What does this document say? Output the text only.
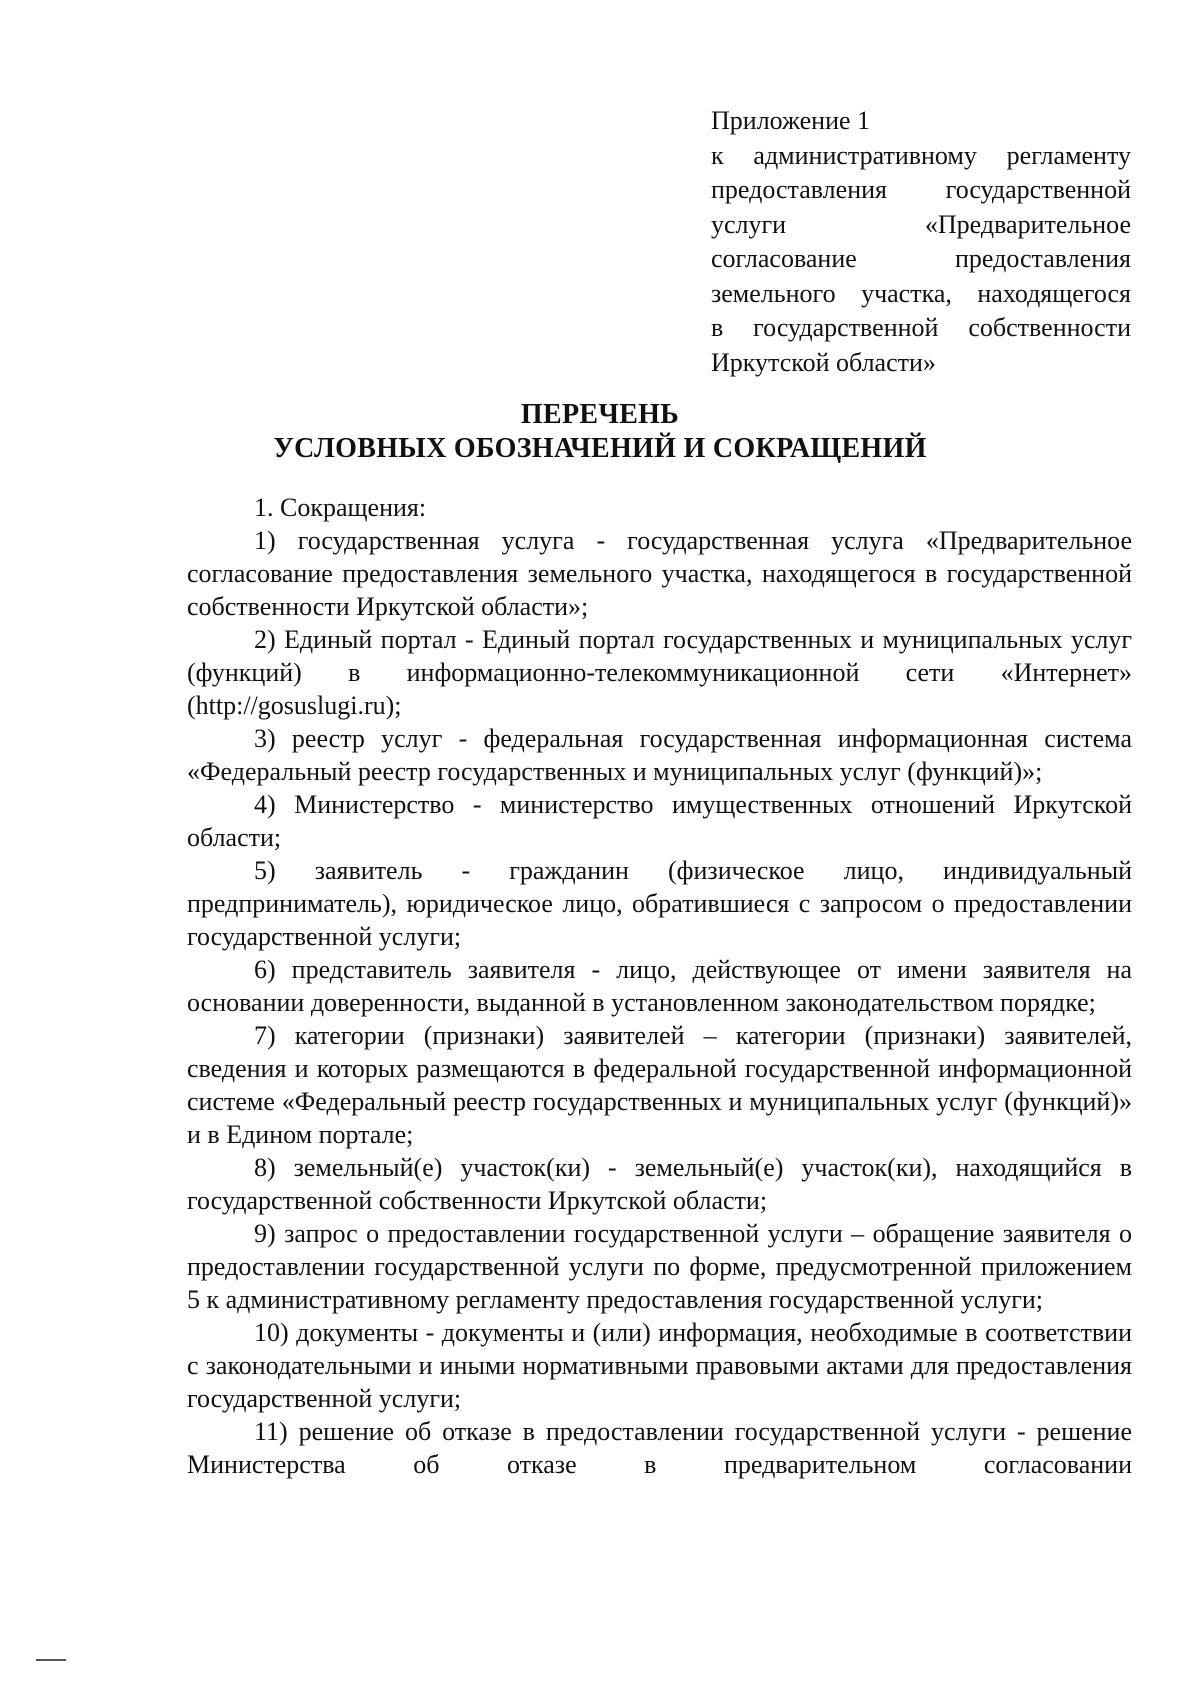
Приложение 1
к административному регламенту
предоставления государственной
услуги «Предварительное
согласование предоставления
земельного участка, находящегося
в государственной собственности
Иркутской области»
ПЕРЕЧЕНЬ
УСЛОВНЫХ ОБОЗНАЧЕНИЙ И СОКРАЩЕНИЙ

1. Сокращения:

1) государственная услуга - государственная услуга «Предварительное согласование предоставления земельного участка, находящегося в государственной собственности Иркутской области»;

2) Единый портал - Единый портал государственных и муниципальных услуг (функций) в информационно-телекоммуникационной сети «Интернет» (http://gosuslugi.ru);

3) реестр услуг - федеральная государственная информационная система «Федеральный реестр государственных и муниципальных услуг (функций)»;

4) Министерство - министерство имущественных отношений Иркутской области;

5) заявитель - гражданин (физическое лицо, индивидуальный предприниматель), юридическое лицо, обратившиеся с запросом о предоставлении государственной услуги;

6) представитель заявителя - лицо, действующее от имени заявителя на основании доверенности, выданной в установленном законодательством порядке;

7) категории (признаки) заявителей – категории (признаки) заявителей, сведения и которых размещаются в федеральной государственной информационной системе «Федеральный реестр государственных и муниципальных услуг (функций)» и в Едином портале;

8) земельный(е) участок(ки) - земельный(е) участок(ки), находящийся в государственной собственности Иркутской области;

9) запрос о предоставлении государственной услуги – обращение заявителя о предоставлении государственной услуги по форме, предусмотренной приложением 5 к административному регламенту предоставления государственной услуги;

10) документы - документы и (или) информация, необходимые в соответствии с законодательными и иными нормативными правовыми актами для предоставления государственной услуги;

11) решение об отказе в предоставлении государственной услуги - решение Министерства об отказе в предварительном согласовании
